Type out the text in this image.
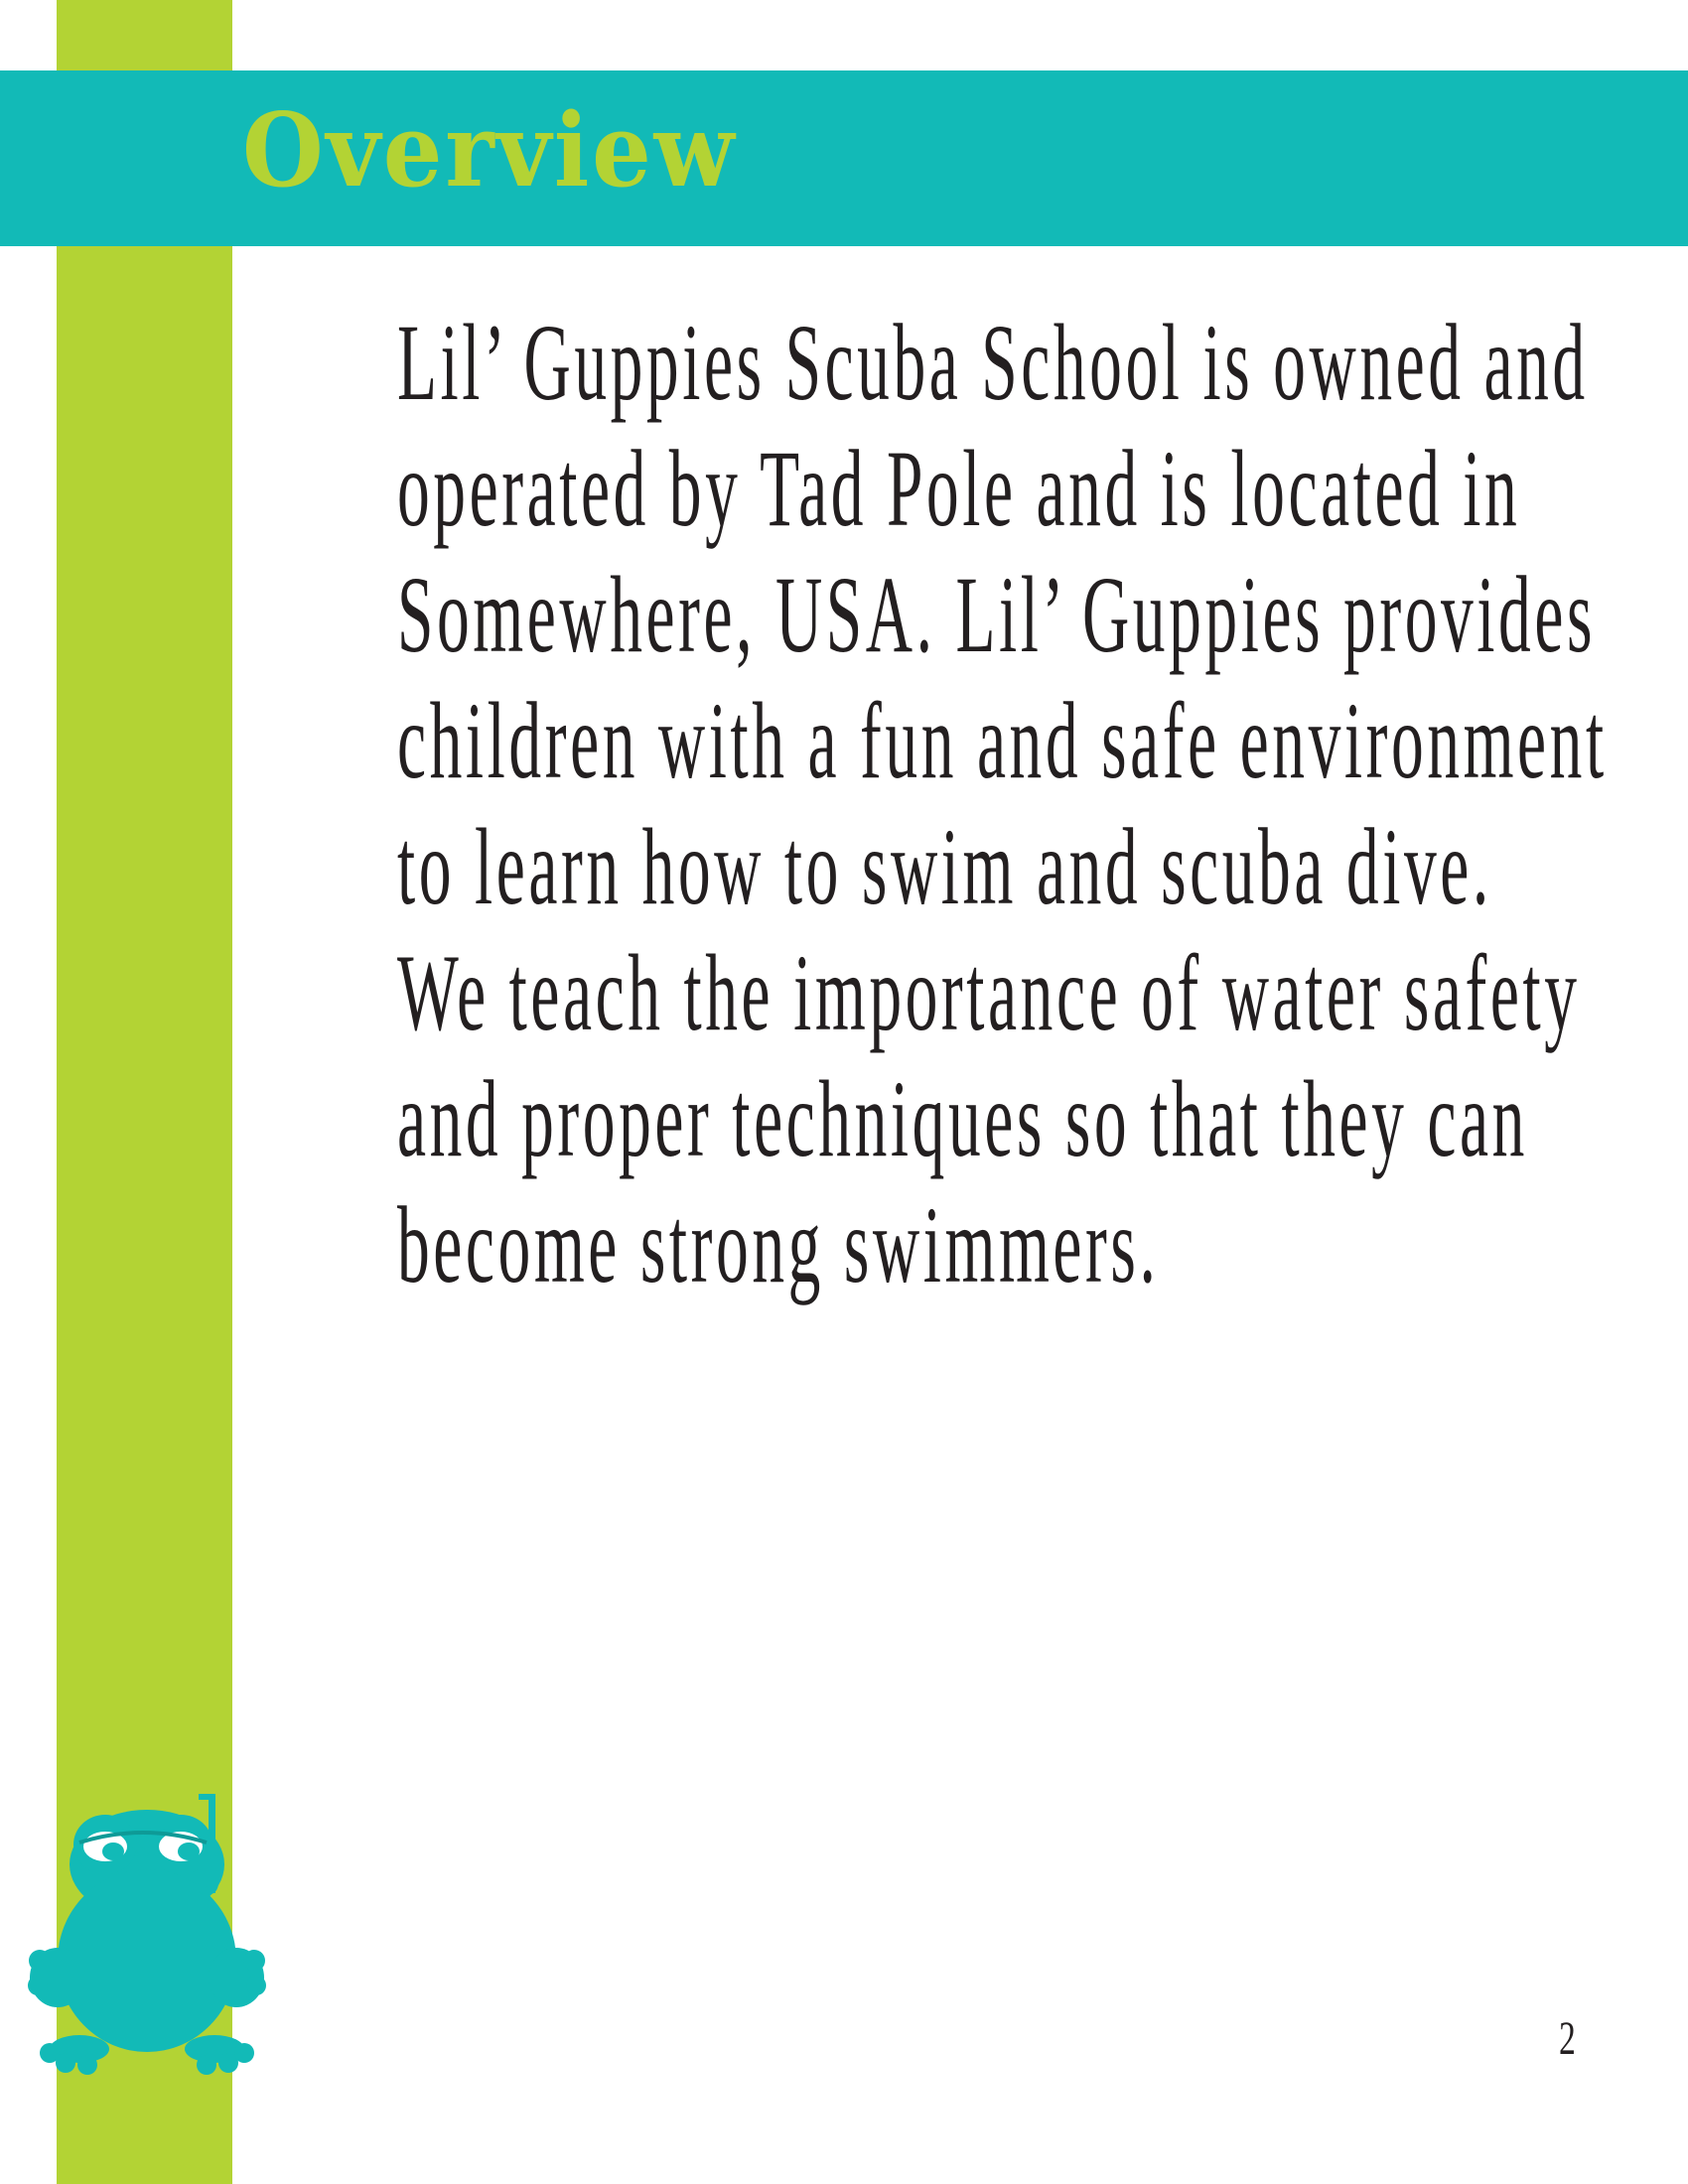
Overview

Lil’ Guppies Scuba School is owned and
operated by Tad Pole and is located in
Somewhere, USA. Lil’ Guppies provides
children with a fun and safe environment
to learn how to swim and scuba dive.
We teach the importance of water safety
and proper techniques so that they can
become strong swimmers.

2
